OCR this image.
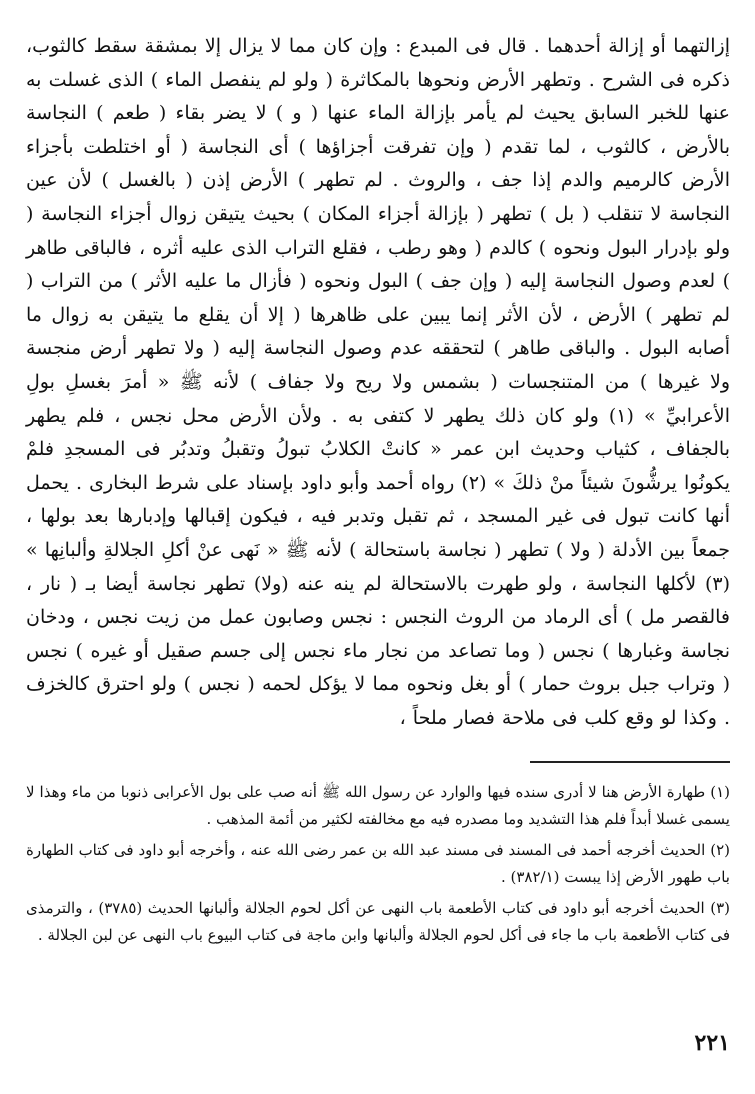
إزالتهما أو إزالة أحدهما . قال فى المبدع : وإن كان مما لا يزال إلا بمشقة سقط كالثوب، ذكره فى الشرح . وتطهر الأرض ونحوها بالمكاثرة ( ولو لم ينفصل الماء ) الذى غسلت به عنها للخبر السابق يحيث لم يأمر بإزالة الماء عنها ( و ) لا يضر بقاء ( طعم ) النجاسة بالأرض ، كالثوب ، لما تقدم ( وإن تفرقت أجزاؤها ) أى النجاسة ( أو اختلطت بأجزاء الأرض كالرميم والدم إذا جف ، والروث . لم تطهر ) الأرض إذن ( بالغسل ) لأن عين النجاسة لا تنقلب ( بل ) تطهر ( بإزالة أجزاء المكان ) بحيث يتيقن زوال أجزاء النجاسة ( ولو بإدرار البول ونحوه ) كالدم ( وهو رطب ، فقلع التراب الذى عليه أثره ، فالباقى طاهر ) لعدم وصول النجاسة إليه ( وإن جف ) البول ونحوه ( فأزال ما عليه الأثر ) من التراب ( لم تطهر ) الأرض ، لأن الأثر إنما يبين على ظاهرها ( إلا أن يقلع ما يتيقن به زوال ما أصابه البول . والباقى طاهر ) لتحققه عدم وصول النجاسة إليه ( ولا تطهر أرض منجسة ولا غيرها ) من المتنجسات ( بشمس ولا ريح ولا جفاف ) لأنه ﷺ « أمرَ بغسلِ بولِ الأعرابيِّ » (١) ولو كان ذلك يطهر لا كتفى به . ولأن الأرض محل نجس ، فلم يطهر بالجفاف ، كثياب وحديث ابن عمر « كانتْ الكلابُ تبولُ وتقبلُ وتدبُر فى المسجدِ فلمْ يكونُوا يرشُّونَ شيئاً منْ ذلكَ » (٢) رواه أحمد وأبو داود بإسناد على شرط البخارى . يحمل أنها كانت تبول فى غير المسجد ، ثم تقبل وتدبر فيه ، فيكون إقبالها وإدبارها بعد بولها ، جمعاً بين الأدلة ( ولا ) تطهر ( نجاسة باستحالة ) لأنه ﷺ « نَهى عنْ أكلِ الجلالةِ وألبانِها » (٣) لأكلها النجاسة ، ولو طهرت بالاستحالة لم ينه عنه (ولا) تطهر نجاسة أيضا بـ ( نار ، فالقصر مل ) أى الرماد من الروث النجس : نجس وصابون عمل من زيت نجس ، ودخان نجاسة وغبارها ) نجس ( وما تصاعد من نجار ماء نجس إلى جسم صقيل أو غيره ) نجس ( وتراب جبل بروث حمار ) أو بغل ونحوه مما لا يؤكل لحمه ( نجس ) ولو احترق كالخزف . وكذا لو وقع كلب فى ملاحة فصار ملحاً ،

(١) طهارة الأرض هنا لا أدرى سنده فيها والوارد عن رسول الله ﷺ أنه صب على بول الأعرابى ذنوبا من ماء وهذا لا يسمى غسلا أبداً فلم هذا التشديد وما مصدره فيه مع مخالفته لكثير من أئمة المذهب .

(٢) الحديث أخرجه أحمد فى المسند فى مسند عبد الله بن عمر رضى الله عنه ، وأخرجه أبو داود فى كتاب الطهارة باب طهور الأرض إذا يبست (٣٨٢/١) .

(٣) الحديث أخرجه أبو داود فى كتاب الأطعمة باب النهى عن أكل لحوم الجلالة وألبانها الحديث (٣٧٨٥) ، والترمذى فى كتاب الأطعمة باب ما جاء فى أكل لحوم الجلالة وألبانها وابن ماجة فى كتاب البيوع باب النهى عن لبن الجلالة .

٢٢١
